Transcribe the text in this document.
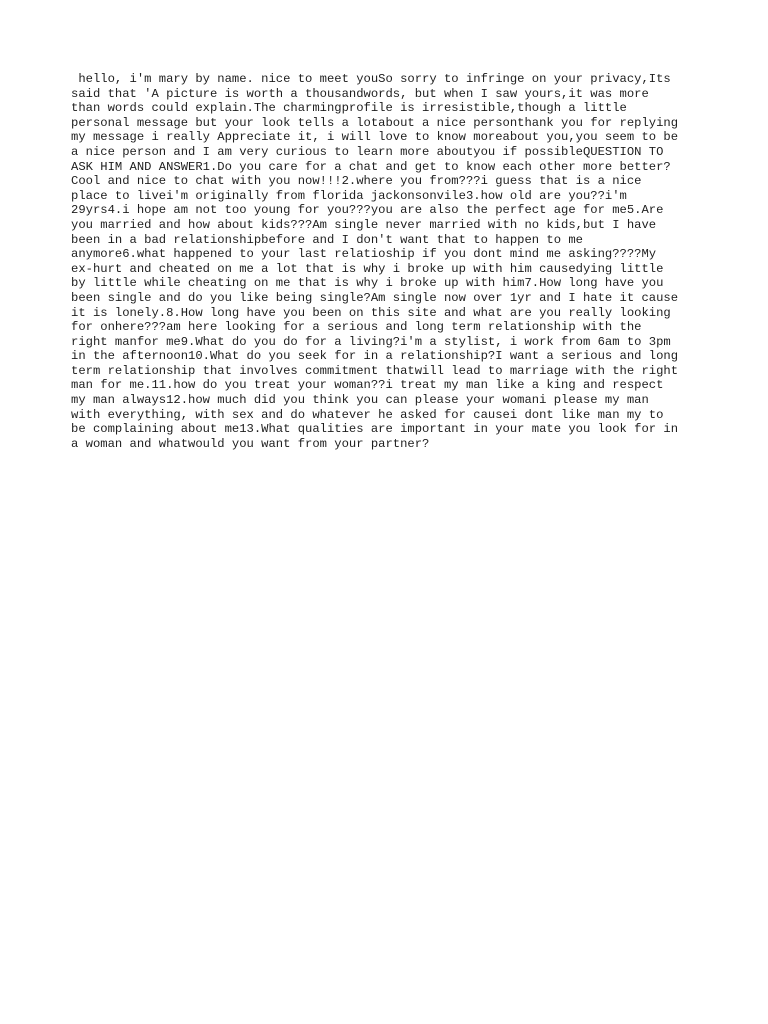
hello, i'm mary by name. nice to meet youSo sorry to infringe on your privacy,Its
said that 'A picture is worth a thousandwords, but when I saw yours,it was more
than words could explain.The charmingprofile is irresistible,though a little
personal message but your look tells a lotabout a nice personthank you for replying
my message i really Appreciate it, i will love to know moreabout you,you seem to be
a nice person and I am very curious to learn more aboutyou if possibleQUESTION TO
ASK HIM AND ANSWER1.Do you care for a chat and get to know each other more better?
Cool and nice to chat with you now!!!2.where you from???i guess that is a nice
place to livei'm originally from florida jackonsonvile3.how old are you??i'm
29yrs4.i hope am not too young for you???you are also the perfect age for me5.Are
you married and how about kids???Am single never married with no kids,but I have
been in a bad relationshipbefore and I don't want that to happen to me
anymore6.what happened to your last relatioship if you dont mind me asking????My
ex-hurt and cheated on me a lot that is why i broke up with him causedying little
by little while cheating on me that is why i broke up with him7.How long have you
been single and do you like being single?Am single now over 1yr and I hate it cause
it is lonely.8.How long have you been on this site and what are you really looking
for onhere???am here looking for a serious and long term relationship with the
right manfor me9.What do you do for a living?i'm a stylist, i work from 6am to 3pm
in the afternoon10.What do you seek for in a relationship?I want a serious and long
term relationship that involves commitment thatwill lead to marriage with the right
man for me.11.how do you treat your woman??i treat my man like a king and respect
my man always12.how much did you think you can please your womani please my man
with everything, with sex and do whatever he asked for causei dont like man my to
be complaining about me13.What qualities are important in your mate you look for in
a woman and whatwould you want from your partner?
